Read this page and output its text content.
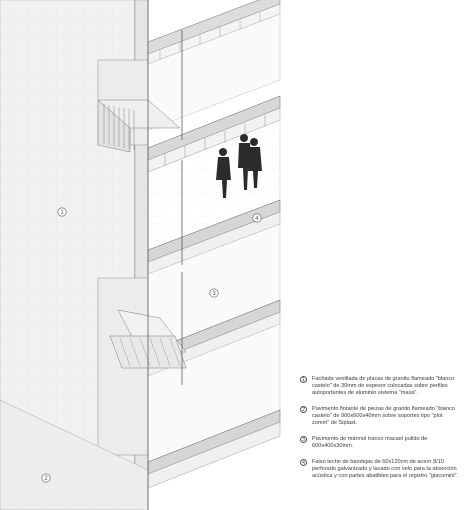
1
2
3
4
1	Fachada ventilada de placas de granito flameado "blanco castelo" de 30mm de espesor colocadas sobre perfiles autoportantes de aluminio sistema "masa".
2	Pavimento flotante de piezas de granito flameado "blanco castelo" de 900x600x40mm sobre soportes tipo "plot zomm" de Siplast.
3	Pavimento de mármol tranco macael pulido de 600x400x30mm.
4	Falso techo de bandejas de 60x120cm de acero 8/10 perforado galvanizado y lacado con velo para la absorción acústica y con partes abatibles para el registro "giacomini".
